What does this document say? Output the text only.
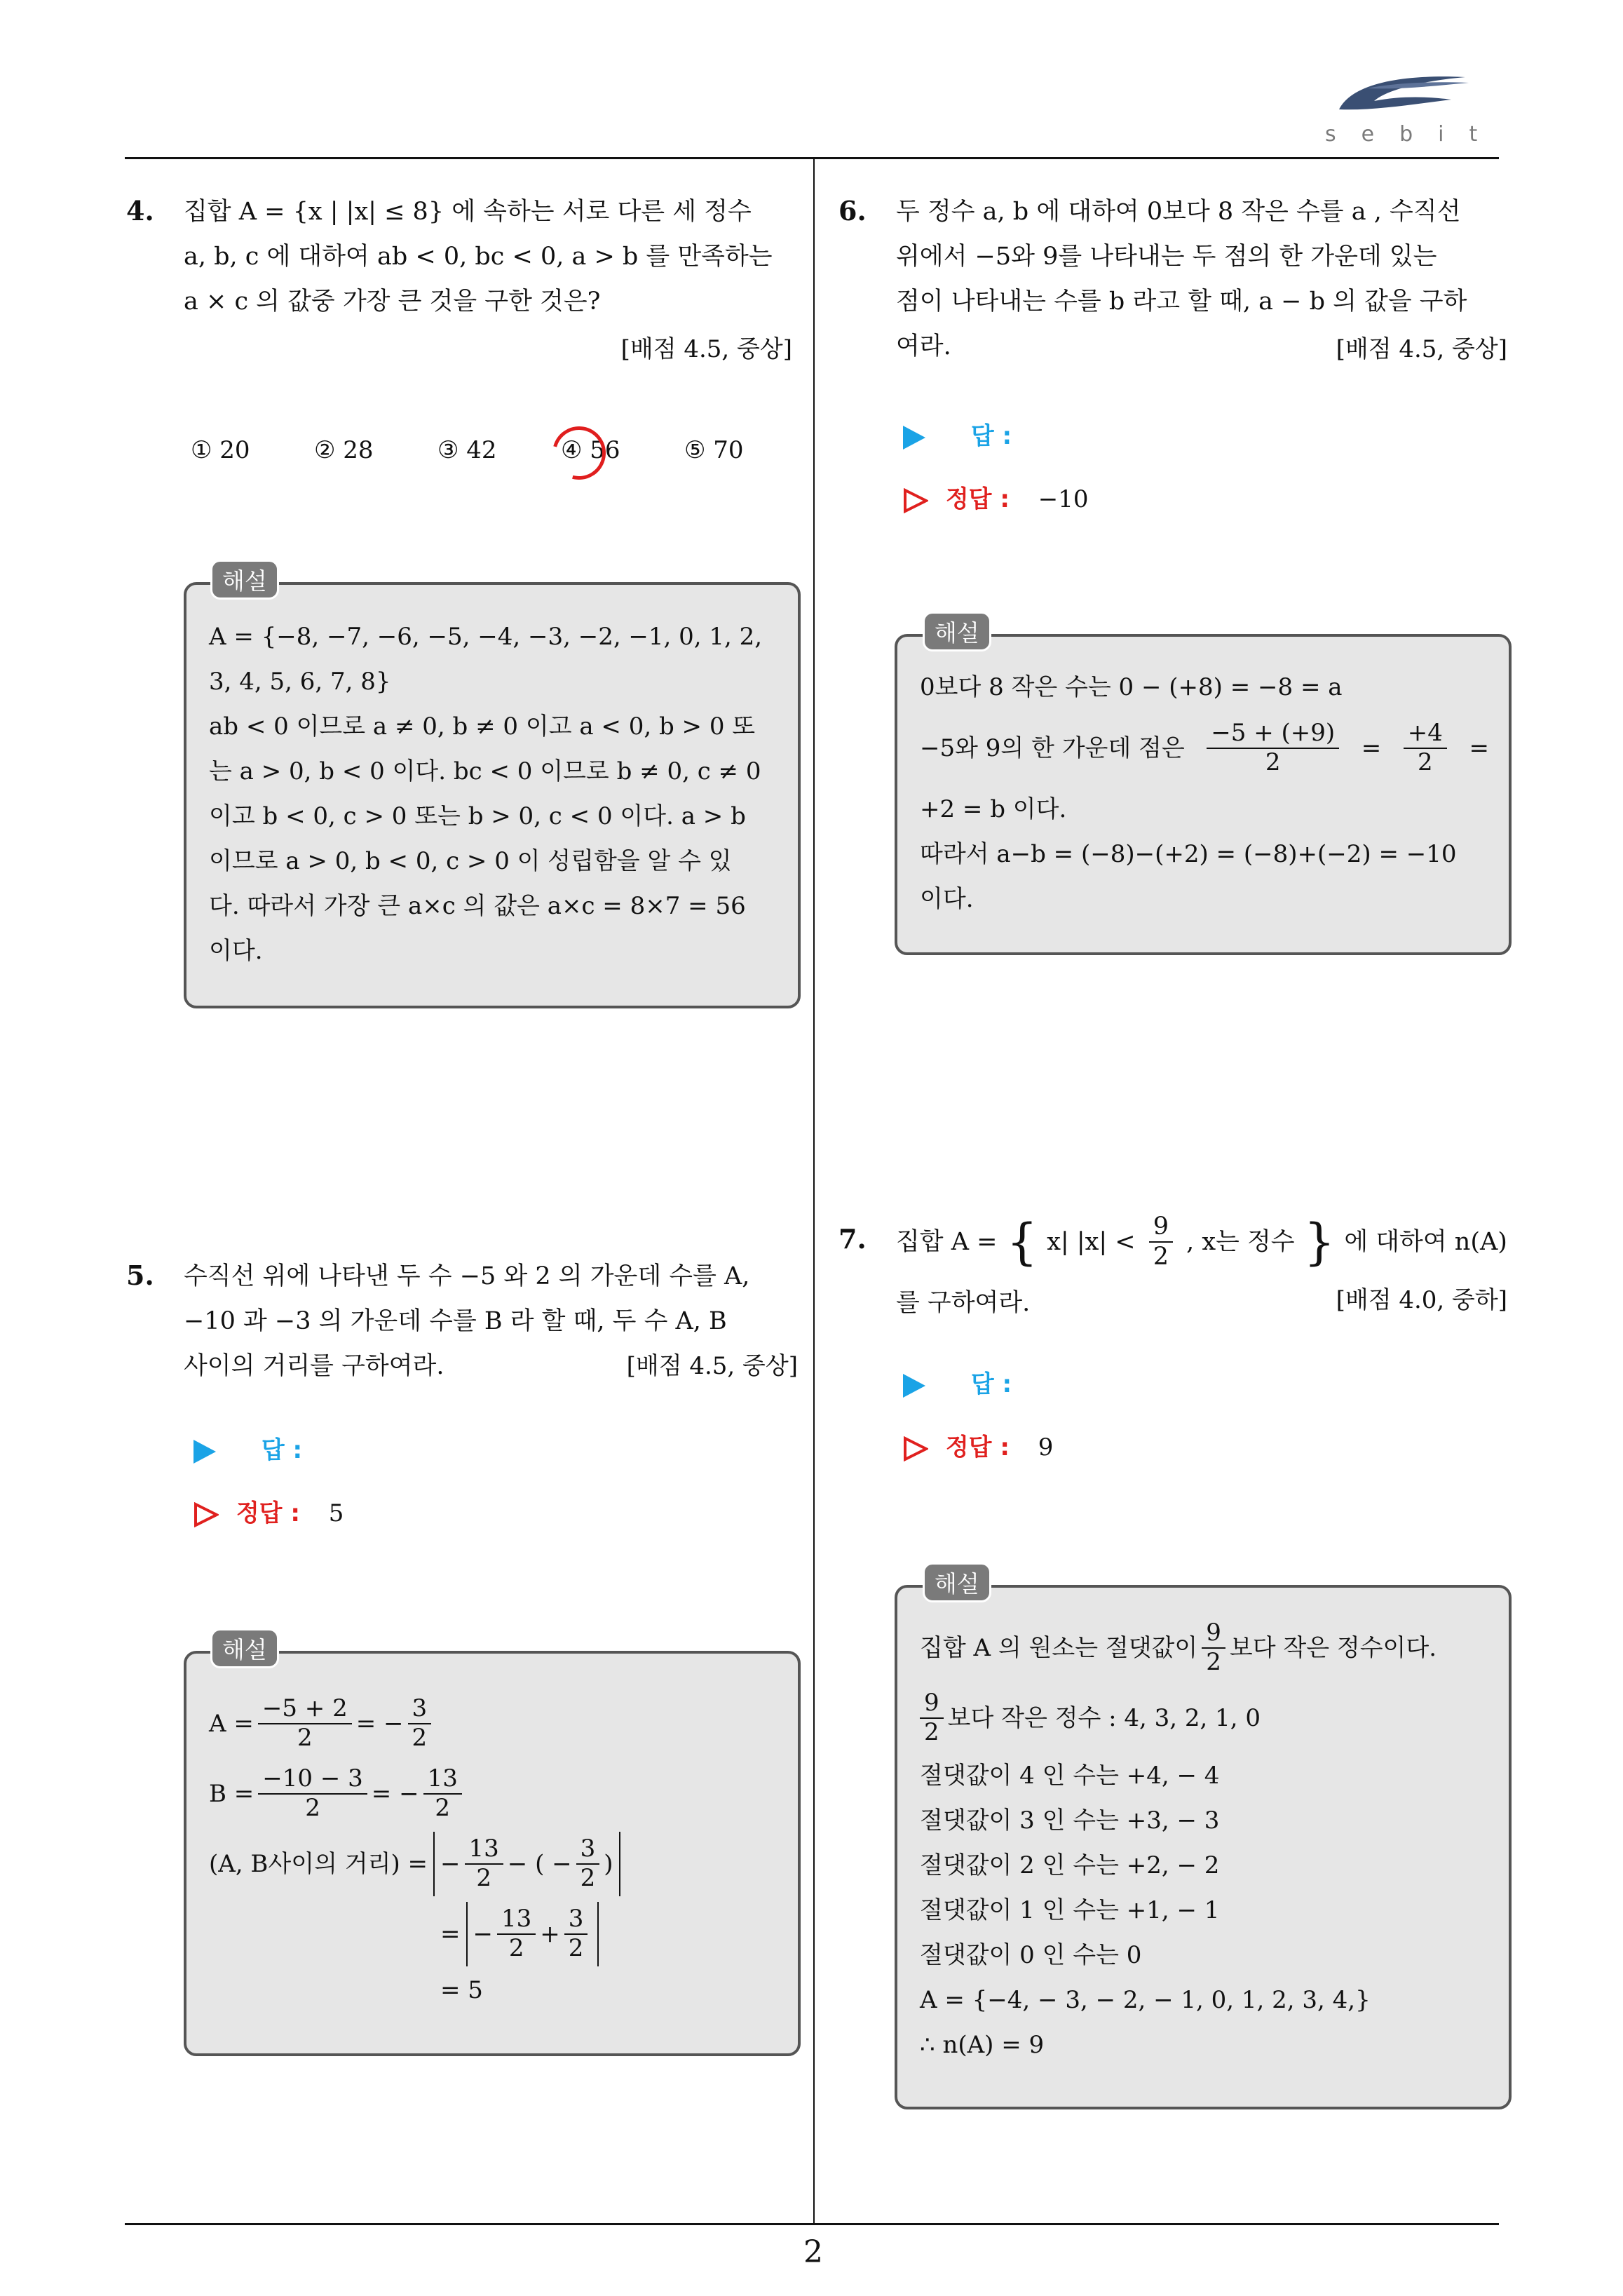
sebit
4. 집합 A = {x | |x| ≤ 8} 에 속하는 서로 다른 세 정수
a, b, c 에 대하여 ab < 0, bc < 0, a > b 를 만족하는
a × c 의 값중 가장 큰 것을 구한 것은?
[배점 4.5, 중상]
① 20	② 28	③ 42	④ 56	⑤ 70
A = {−8, −7, −6, −5, −4, −3, −2, −1, 0, 1, 2,
3, 4, 5, 6, 7, 8}
ab < 0 이므로 a ≠ 0, b ≠ 0 이고 a < 0, b > 0 또
는 a > 0, b < 0 이다. bc < 0 이므로 b ≠ 0, c ≠ 0
이고 b < 0, c > 0 또는 b > 0, c < 0 이다. a > b
이므로 a > 0, b < 0, c > 0 이 성립함을 알 수 있
다. 따라서 가장 큰 a×c 의 값은 a×c = 8×7 = 56
이다.
해설
5. 수직선 위에 나타낸 두 수 −5 와 2 의 가운데 수를 A,
−10 과 −3 의 가운데 수를 B 라 할 때, 두 수 A, B
사이의 거리를 구하여라.	[배점 4.5, 중상]
답 :
정답 : 5
$A = \frac{-5 + 2}{2}$ = − $\frac{3}{2}$
$B = \frac{-10 - 3}{2}$ = − $\frac{13}{2}$
(A, B사이의 거리) = − $\frac{13}{2}$ − ( − $\frac{3}{2}$ )
= − $\frac{13}{2} + \frac{3}{2}$
= 5
해설
6. 두 정수 a, b 에 대하여 0보다 8 작은 수를 a , 수직선
위에서 −5와 9를 나타내는 두 점의 한 가운데 있는
점이 나타내는 수를 b 라고 할 때, a − b 의 값을 구하
여라.	[배점 4.5, 중상]
답 :
정답 : −10
0보다 8 작은 수는 0 − (+8) = −8 = a
−5와 9의 한 가운데 점은 $\frac{-5 + (+9)}{2} = \frac{+4}{2}$ =
+2 = b 이다.
따라서 a−b = (−8)−(+2) = (−8)+(−2) = −10
이다.
해설
7. 집합 A = { x| $|x| < \frac{9}{2}$ , x는 정수 } 에 대하여 n(A)
를 구하여라.	[배점 4.0, 중하]
답 :
정답 : 9
집합 A 의 원소는 절댓값이 $\frac{9}{2}$ 보다 작은 정수이다.
$\frac{9}{2}$ 보다 작은 정수 : 4, 3, 2, 1, 0
절댓값이 4 인 수는 +4, − 4
절댓값이 3 인 수는 +3, − 3
절댓값이 2 인 수는 +2, − 2
절댓값이 1 인 수는 +1, − 1
절댓값이 0 인 수는 0
A = {−4, − 3, − 2, − 1, 0, 1, 2, 3, 4,}
∴ n(A) = 9
해설
2
